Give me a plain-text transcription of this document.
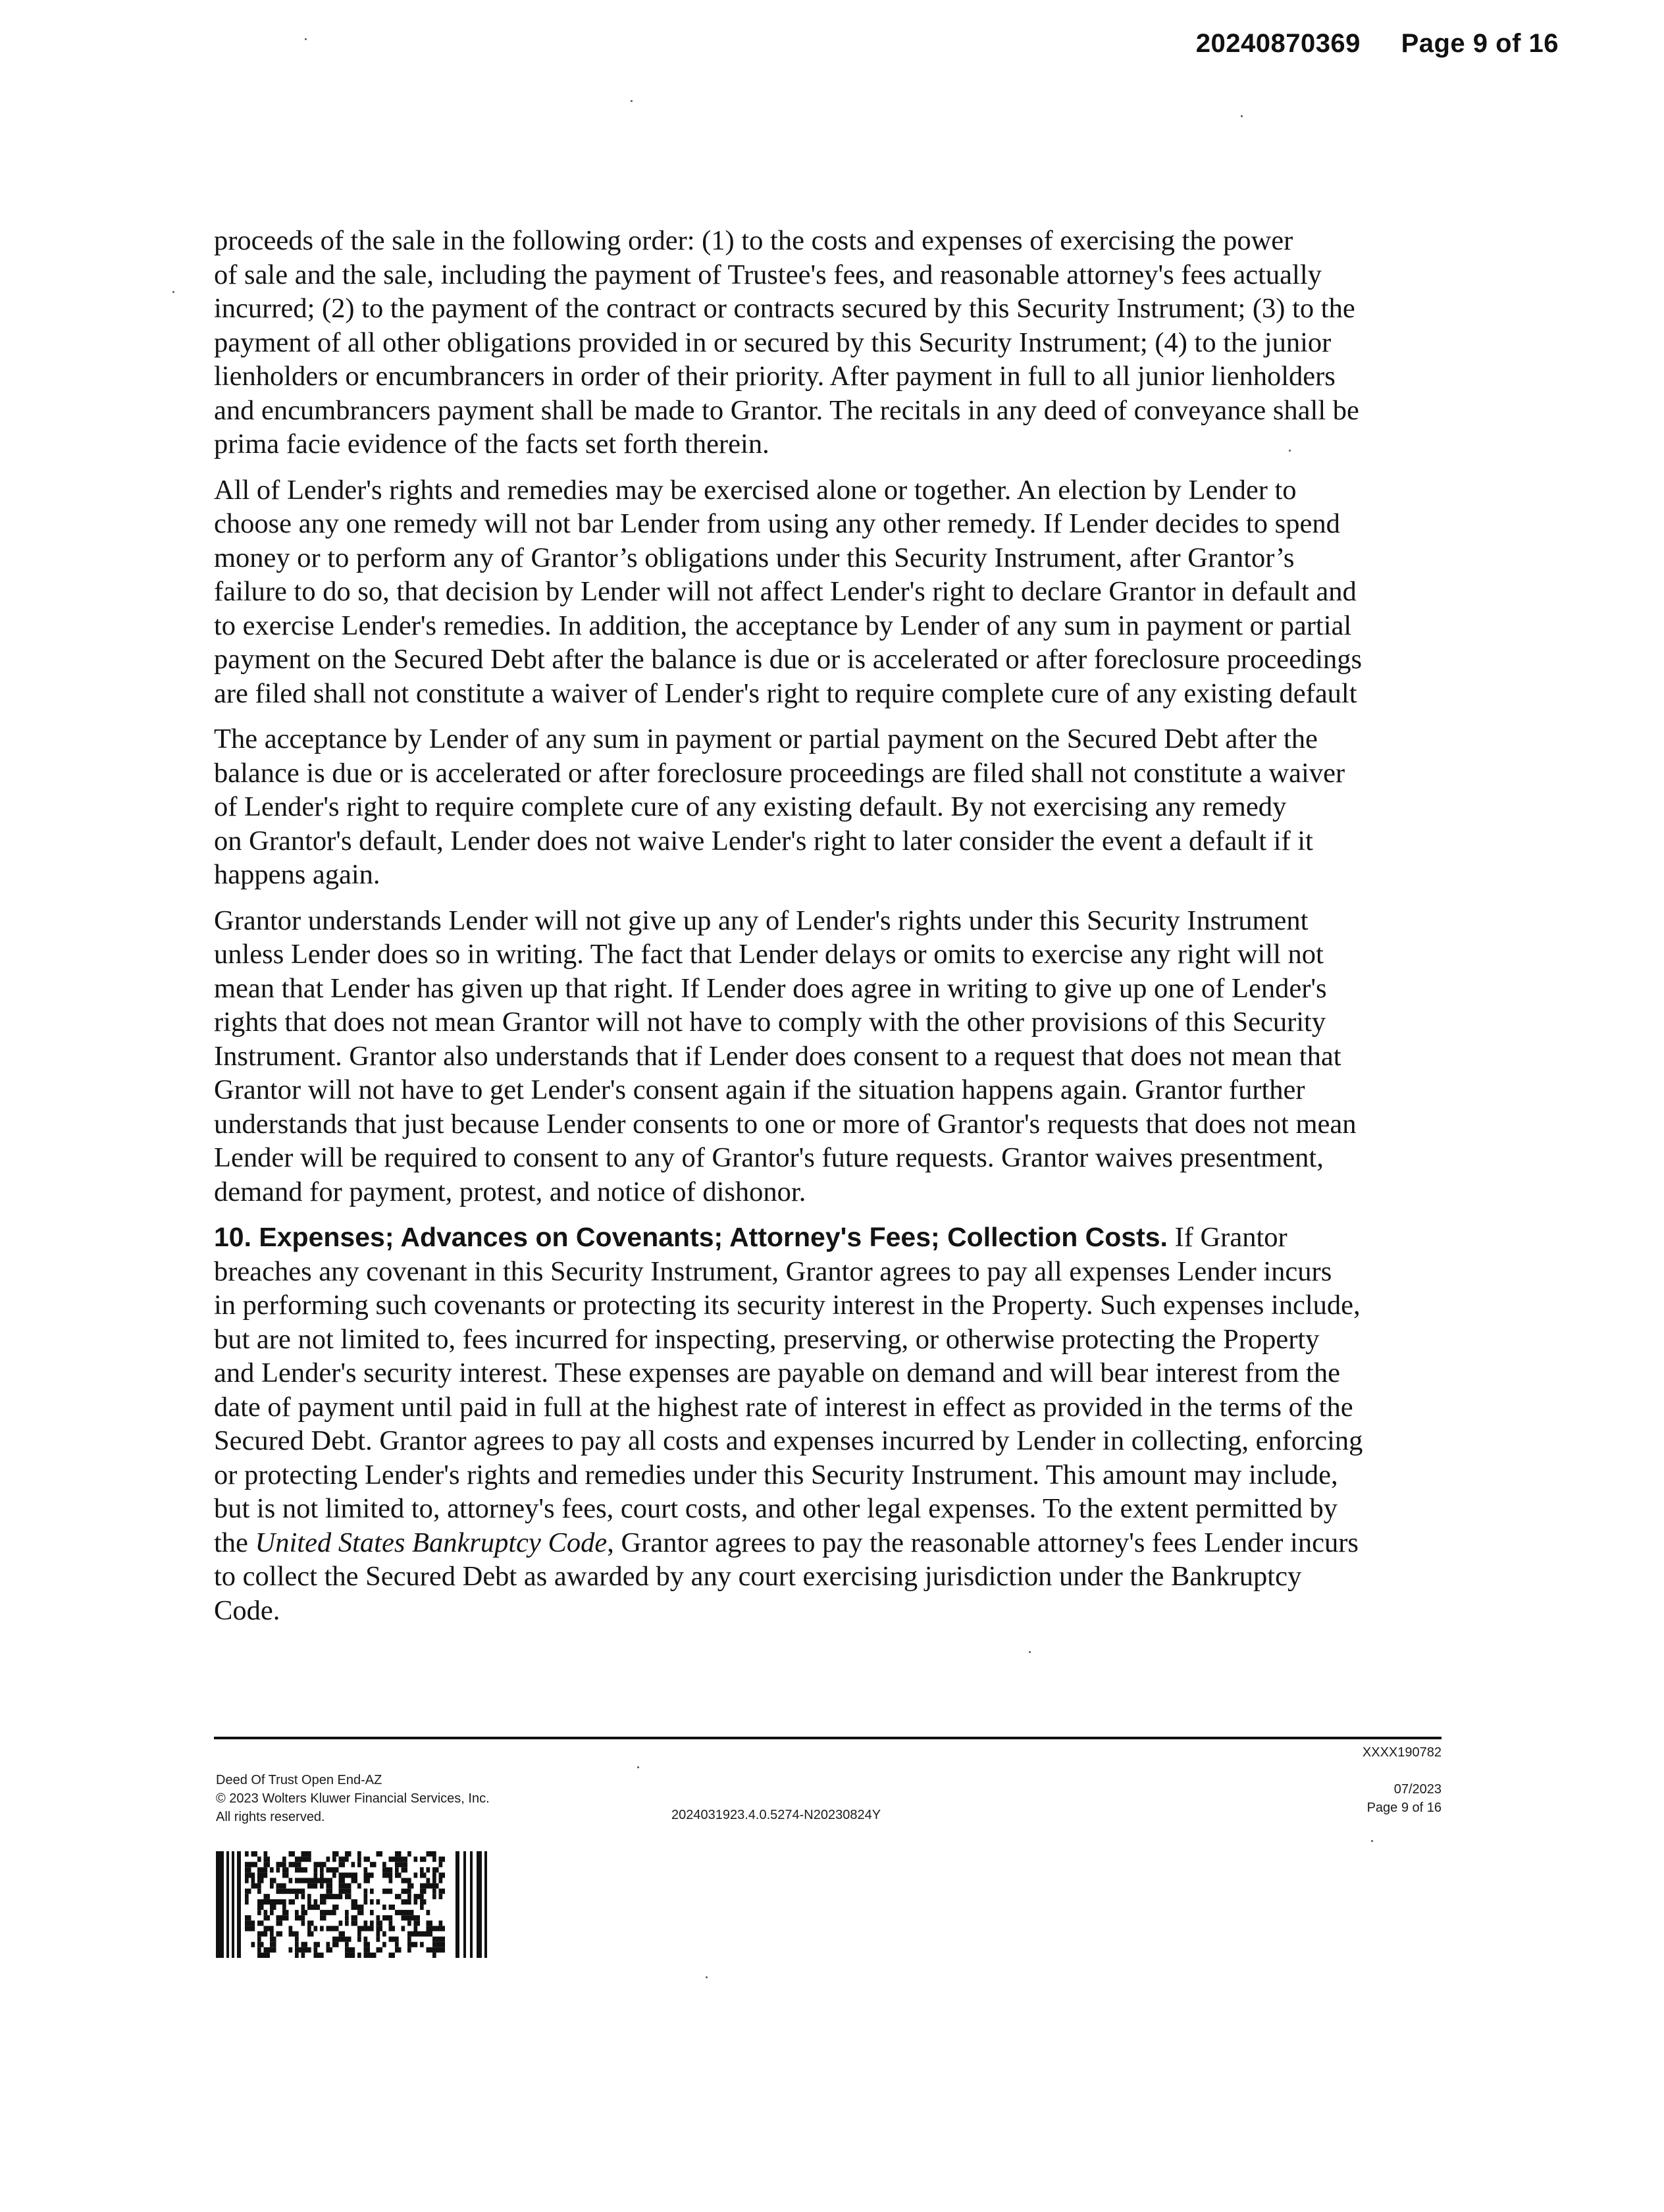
20240870369 Page 9 of 16

proceeds of the sale in the following order: (1) to the costs and expenses of exercising the power
of sale and the sale, including the payment of Trustee's fees, and reasonable attorney's fees actually
incurred; (2) to the payment of the contract or contracts secured by this Security Instrument; (3) to the
payment of all other obligations provided in or secured by this Security Instrument; (4) to the junior
lienholders or encumbrancers in order of their priority. After payment in full to all junior lienholders
and encumbrancers payment shall be made to Grantor. The recitals in any deed of conveyance shall be
prima facie evidence of the facts set forth therein.

All of Lender's rights and remedies may be exercised alone or together. An election by Lender to
choose any one remedy will not bar Lender from using any other remedy. If Lender decides to spend
money or to perform any of Grantor’s obligations under this Security Instrument, after Grantor’s
failure to do so, that decision by Lender will not affect Lender's right to declare Grantor in default and
to exercise Lender's remedies. In addition, the acceptance by Lender of any sum in payment or partial
payment on the Secured Debt after the balance is due or is accelerated or after foreclosure proceedings
are filed shall not constitute a waiver of Lender's right to require complete cure of any existing default

The acceptance by Lender of any sum in payment or partial payment on the Secured Debt after the
balance is due or is accelerated or after foreclosure proceedings are filed shall not constitute a waiver
of Lender's right to require complete cure of any existing default. By not exercising any remedy
on Grantor's default, Lender does not waive Lender's right to later consider the event a default if it
happens again.

Grantor understands Lender will not give up any of Lender's rights under this Security Instrument
unless Lender does so in writing. The fact that Lender delays or omits to exercise any right will not
mean that Lender has given up that right. If Lender does agree in writing to give up one of Lender's
rights that does not mean Grantor will not have to comply with the other provisions of this Security
Instrument. Grantor also understands that if Lender does consent to a request that does not mean that
Grantor will not have to get Lender's consent again if the situation happens again. Grantor further
understands that just because Lender consents to one or more of Grantor's requests that does not mean
Lender will be required to consent to any of Grantor's future requests. Grantor waives presentment,
demand for payment, protest, and notice of dishonor.

10. Expenses; Advances on Covenants; Attorney's Fees; Collection Costs. If Grantor
breaches any covenant in this Security Instrument, Grantor agrees to pay all expenses Lender incurs
in performing such covenants or protecting its security interest in the Property. Such expenses include,
but are not limited to, fees incurred for inspecting, preserving, or otherwise protecting the Property
and Lender's security interest. These expenses are payable on demand and will bear interest from the
date of payment until paid in full at the highest rate of interest in effect as provided in the terms of the
Secured Debt. Grantor agrees to pay all costs and expenses incurred by Lender in collecting, enforcing
or protecting Lender's rights and remedies under this Security Instrument. This amount may include,
but is not limited to, attorney's fees, court costs, and other legal expenses. To the extent permitted by
the United States Bankruptcy Code, Grantor agrees to pay the reasonable attorney's fees Lender incurs
to collect the Secured Debt as awarded by any court exercising jurisdiction under the Bankruptcy
Code.

Deed Of Trust Open End-AZ
© 2023 Wolters Kluwer Financial Services, Inc.
All rights reserved.	2024031923.4.0.5274-N20230824Y
XXXX190782
07/2023
Page 9 of 16
